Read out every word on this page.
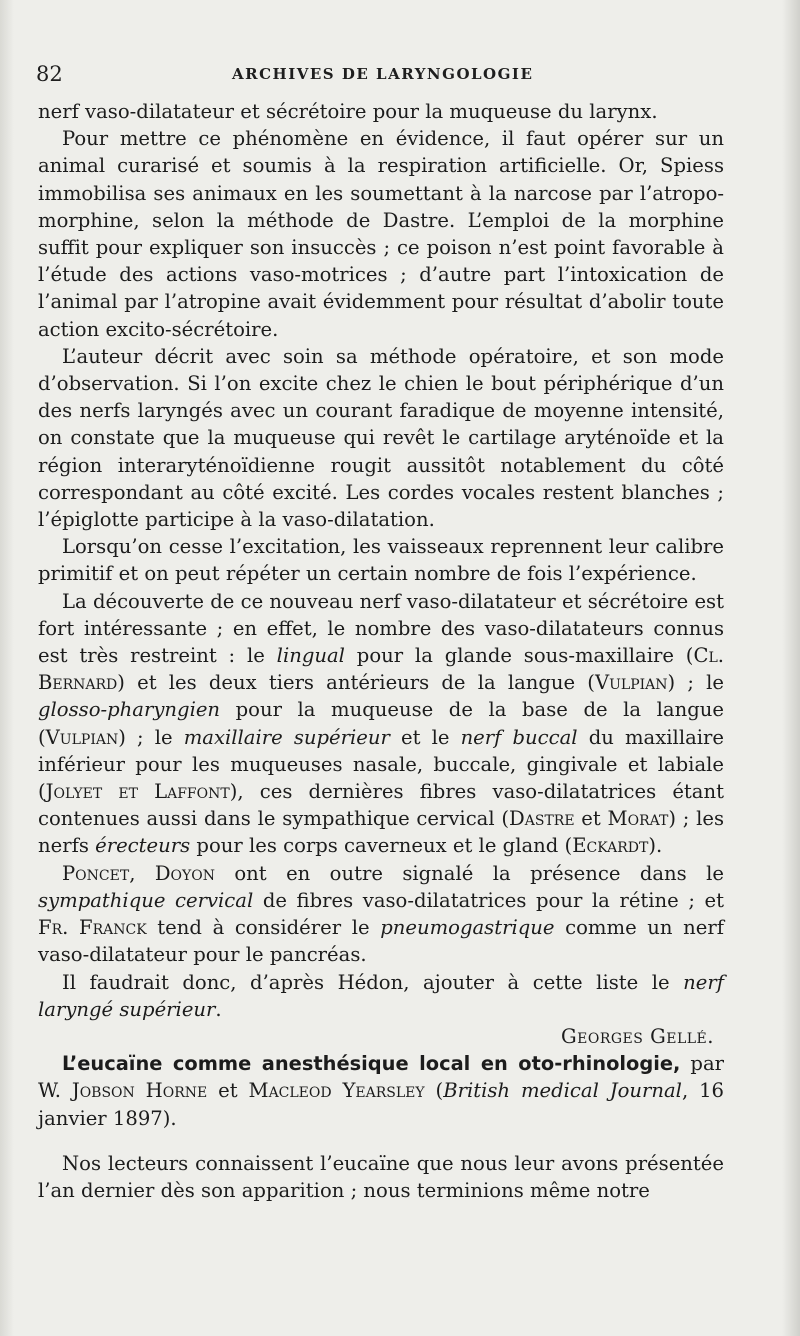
82	ARCHIVES DE LARYNGOLOGIE

nerf vaso-dilatateur et sécrétoire pour la muqueuse du larynx.

Pour mettre ce phénomène en évidence, il faut opérer sur un animal curarisé et soumis à la respiration artificielle. Or, Spiess immobilisa ses animaux en les soumettant à la narcose par l’atropo-morphine, selon la méthode de Dastre. L’emploi de la morphine suffit pour expliquer son insuccès ; ce poison n’est point favorable à l’étude des actions vaso-motrices ; d’autre part l’intoxication de l’animal par l’atropine avait évidemment pour résultat d’abolir toute action excito-sécrétoire.

L’auteur décrit avec soin sa méthode opératoire, et son mode d’observation. Si l’on excite chez le chien le bout périphérique d’un des nerfs laryngés avec un courant faradique de moyenne intensité, on constate que la muqueuse qui revêt le cartilage aryténoïde et la région interaryténoïdienne rougit aussitôt notablement du côté correspondant au côté excité. Les cordes vocales restent blanches ; l’épiglotte participe à la vaso-dilatation.

Lorsqu’on cesse l’excitation, les vaisseaux reprennent leur calibre primitif et on peut répéter un certain nombre de fois l’expérience.

La découverte de ce nouveau nerf vaso-dilatateur et sécrétoire est fort intéressante ; en effet, le nombre des vaso-dilatateurs connus est très restreint : le lingual pour la glande sous-maxillaire (Cl. Bernard) et les deux tiers antérieurs de la langue (Vulpian) ; le glosso-pharyngien pour la muqueuse de la base de la langue (Vulpian) ; le maxillaire supérieur et le nerf buccal du maxillaire inférieur pour les muqueuses nasale, buccale, gingivale et labiale (Jolyet et Laffont), ces dernières fibres vaso-dilatatrices étant contenues aussi dans le sympathique cervical (Dastre et Morat) ; les nerfs érecteurs pour les corps caverneux et le gland (Eckardt).

Poncet, Doyon ont en outre signalé la présence dans le sympathique cervical de fibres vaso-dilatatrices pour la rétine ; et Fr. Franck tend à considérer le pneumogastrique comme un nerf vaso-dilatateur pour le pancréas.

Il faudrait donc, d’après Hédon, ajouter à cette liste le nerf laryngé supérieur.

Georges Gellé.

L’eucaïne comme anesthésique local en oto-rhinologie, par W. Jobson Horne et Macleod Yearsley (British medical Journal, 16 janvier 1897).

Nos lecteurs connaissent l’eucaïne que nous leur avons présentée l’an dernier dès son apparition ; nous terminions même notre
